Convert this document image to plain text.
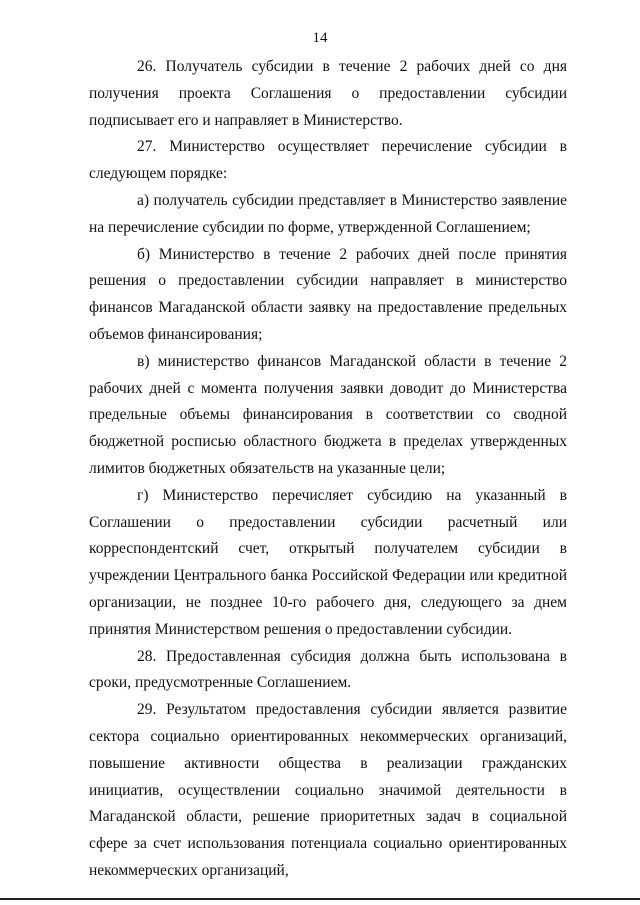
14

26. Получатель субсидии в течение 2 рабочих дней со дня получения проекта Соглашения о предоставлении субсидии подписывает его и направляет в Министерство.

27. Министерство осуществляет перечисление субсидии в следующем порядке:

а) получатель субсидии представляет в Министерство заявление на перечисление субсидии по форме, утвержденной Соглашением;

б) Министерство в течение 2 рабочих дней после принятия решения о предоставлении субсидии направляет в министерство финансов Магаданской области заявку на предоставление предельных объемов финансирования;

в) министерство финансов Магаданской области в течение 2 рабочих дней с момента получения заявки доводит до Министерства предельные объемы финансирования в соответствии со сводной бюджетной росписью областного бюджета в пределах утвержденных лимитов бюджетных обязательств на указанные цели;

г) Министерство перечисляет субсидию на указанный в Соглашении о предоставлении субсидии расчетный или корреспондентский счет, открытый получателем субсидии в учреждении Центрального банка Российской Федерации или кредитной организации, не позднее 10-го рабочего дня, следующего за днем принятия Министерством решения о предоставлении субсидии.

28. Предоставленная субсидия должна быть использована в сроки, предусмотренные Соглашением.

29. Результатом предоставления субсидии является развитие сектора социально ориентированных некоммерческих организаций, повышение активности общества в реализации гражданских инициатив, осуществлении социально значимой деятельности в Магаданской области, решение приоритетных задач в социальной сфере за счет использования потенциала социально ориентированных некоммерческих организаций,
